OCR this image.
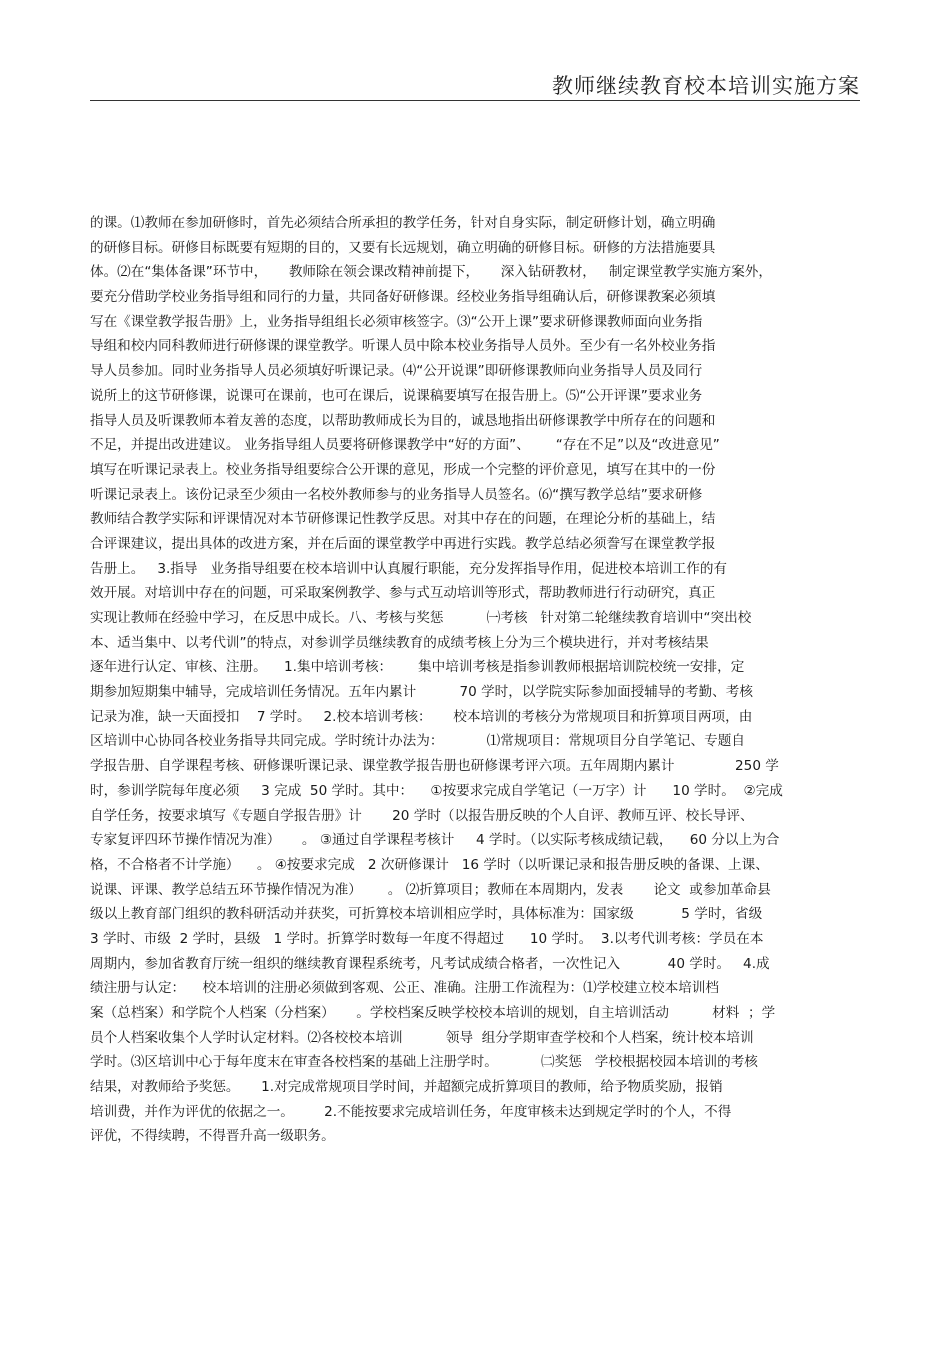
教师继续教育校本培训实施方案
的课。⑴教师在参加研修时，首先必须结合所承担的教学任务，针对自身实际，制定研修计划，确立明确
的研修目标。研修目标既要有短期的目的，又要有长远规划，确立明确的研修目标。研修的方法措施要具
体。⑵在“集体备课”环节中，     教师除在领会课改精神前提下，     深入钻研教材，   制定课堂教学实施方案外，
要充分借助学校业务指导组和同行的力量，共同备好研修课。经校业务指导组确认后，研修课教案必须填
写在《课堂教学报告册》上，业务指导组组长必须审核签字。⑶“公开上课”要求研修课教师面向业务指
导组和校内同科教师进行研修课的课堂教学。听课人员中除本校业务指导人员外。至少有一名外校业务指
导人员参加。同时业务指导人员必须填好听课记录。⑷“公开说课”即研修课教师向业务指导人员及同行
说所上的这节研修课，说课可在课前，也可在课后，说课稿要填写在报告册上。⑸“公开评课”要求业务
指导人员及听课教师本着友善的态度，以帮助教师成长为目的，诚恳地指出研修课教学中所存在的问题和
不足，并提出改进建议。 业务指导组人员要将研修课教学中“好的方面”、      “存在不足”以及“改进意见”
填写在听课记录表上。校业务指导组要综合公开课的意见，形成一个完整的评价意见，填写在其中的一份
听课记录表上。该份记录至少须由一名校外教师参与的业务指导人员签名。⑹“撰写教学总结”要求研修
教师结合教学实际和评课情况对本节研修课记性教学反思。对其中存在的问题，在理论分析的基础上，结
合评课建议，提出具体的改进方案，并在后面的课堂教学中再进行实践。教学总结必须誊写在课堂教学报
告册上。   3.指导   业务指导组要在校本培训中认真履行职能，充分发挥指导作用，促进校本培训工作的有
效开展。对培训中存在的问题，可采取案例教学、参与式互动培训等形式，帮助教师进行行动研究，真正
实现让教师在经验中学习，在反思中成长。八、考核与奖惩          ㈠考核   针对第二轮继续教育培训中“突出校
本、适当集中、以考代训”的特点，对参训学员继续教育的成绩考核上分为三个模块进行，并对考核结果
逐年进行认定、审核、注册。    1.集中培训考核：      集中培训考核是指参训教师根据培训院校统一安排，定
期参加短期集中辅导，完成培训任务情况。五年内累计          70 学时，以学院实际参加面授辅导的考勤、考核
记录为准，缺一天面授扣    7 学时。   2.校本培训考核：     校本培训的考核分为常规项目和折算项目两项，由
区培训中心协同各校业务指导共同完成。学时统计办法为：          ⑴常规项目：常规项目分自学笔记、专题自
学报告册、自学课程考核、研修课听课记录、课堂教学报告册也研修课考评六项。五年周期内累计              250 学
时，参训学院每年度必须     3 完成  50 学时。其中：    ①按要求完成自学笔记（一万字）计      10 学时。  ②完成
自学任务，按要求填写《专题自学报告册》计       20 学时（以报告册反映的个人自评、教师互评、校长导评、
专家复评四环节操作情况为准）     。 ③通过自学课程考核计     4 学时。（以实际考核成绩记载，    60 分以上为合
格，不合格者不计学施）    。 ④按要求完成   2 次研修课计   16 学时（以听课记录和报告册反映的备课、上课、
说课、评课、教学总结五环节操作情况为准）      。 ⑵折算项目；教师在本周期内，发表       论文  或参加革命县
级以上教育部门组织的教科研活动并获奖，可折算校本培训相应学时，具体标准为：国家级           5 学时，省级
3 学时、市级  2 学时，县级   1 学时。折算学时数每一年度不得超过      10 学时。  3.以考代训考核：学员在本
周期内，参加省教育厅统一组织的继续教育课程系统考，凡考试成绩合格者，一次性记入           40 学时。   4.成
绩注册与认定：    校本培训的注册必须做到客观、公正、准确。注册工作流程为：⑴学校建立校本培训档
案（总档案）和学院个人档案（分档案）     。学校档案反映学校校本培训的规划，自主培训活动          材料  ；学
员个人档案收集个人学时认定材料。⑵各校校本培训          领导  组分学期审查学校和个人档案，统计校本培训
学时。⑶区培训中心于每年度末在审查各校档案的基础上注册学时。          ㈡奖惩   学校根据校园本培训的考核
结果，对教师给予奖惩。     1.对完成常规项目学时间，并超额完成折算项目的教师，给予物质奖励，报销
培训费，并作为评优的依据之一。       2.不能按要求完成培训任务，年度审核未达到规定学时的个人，不得
评优，不得续聘，不得晋升高一级职务。
